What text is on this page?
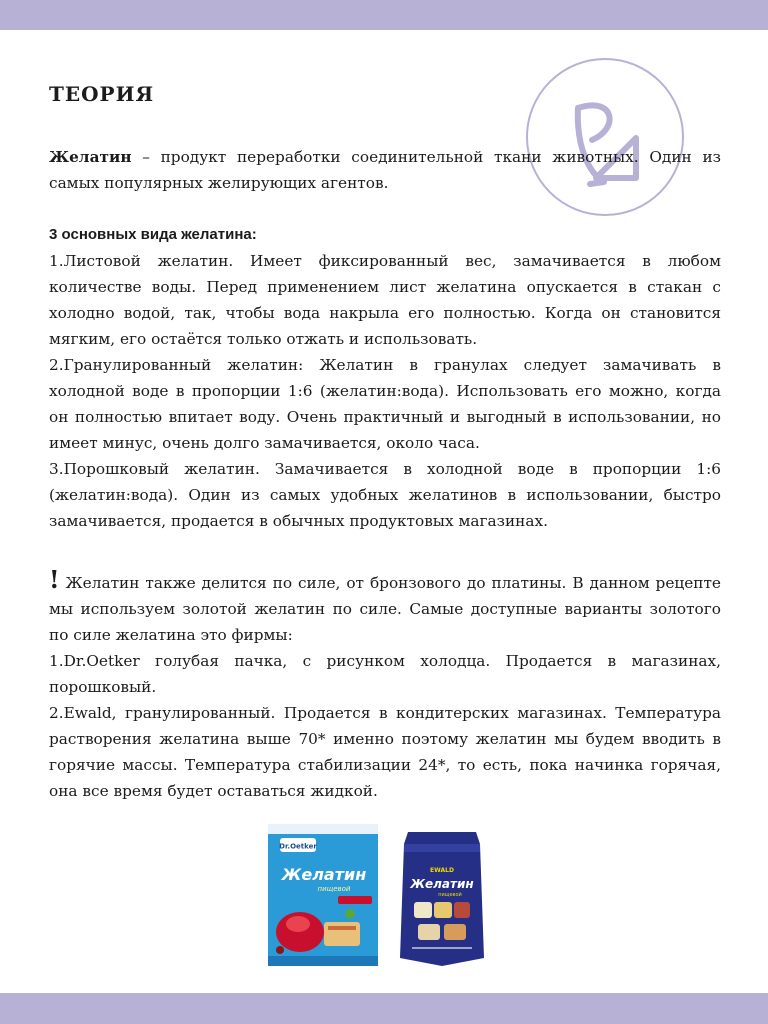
ТЕОРИЯ

Желатин – продукт переработки соединительной ткани животных. Один из самых популярных желирующих агентов.

3 основных вида желатина:

1.Листовой желатин. Имеет фиксированный вес, замачивается в любом количестве воды. Перед применением лист желатина опускается в стакан с холодно водой, так, чтобы вода накрыла его полностью. Когда он становится мягким, его остаётся только отжать и использовать.

2.Гранулированный желатин: Желатин в гранулах следует замачивать в холодной воде в пропорции 1:6 (желатин:вода). Использовать его можно, когда он полностью впитает воду. Очень практичный и выгодный в использовании, но имеет минус, очень долго замачивается, около часа.

3.Порошковый желатин. Замачивается в холодной воде в пропорции 1:6 (желатин:вода). Один из самых удобных желатинов в использовании, быстро замачивается, продается в обычных продуктовых магазинах.

! Желатин также делится по силе, от бронзового до платины. В данном рецепте мы используем золотой желатин по силе. Самые доступные варианты золотого по силе желатина это фирмы:

1.Dr.Oetker голубая пачка, с рисунком холодца. Продается в магазинах, порошковый.

2.Ewald, гранулированный. Продается в кондитерских магазинах. Температура растворения желатина выше 70* именно поэтому желатин мы будем вводить в горячие массы. Температура стабилизации 24*, то есть, пока начинка горячая, она все время будет оставаться жидкой.

Dr.Oetker
Желатин
пищевой
EWALD
Желатин
пищевой
